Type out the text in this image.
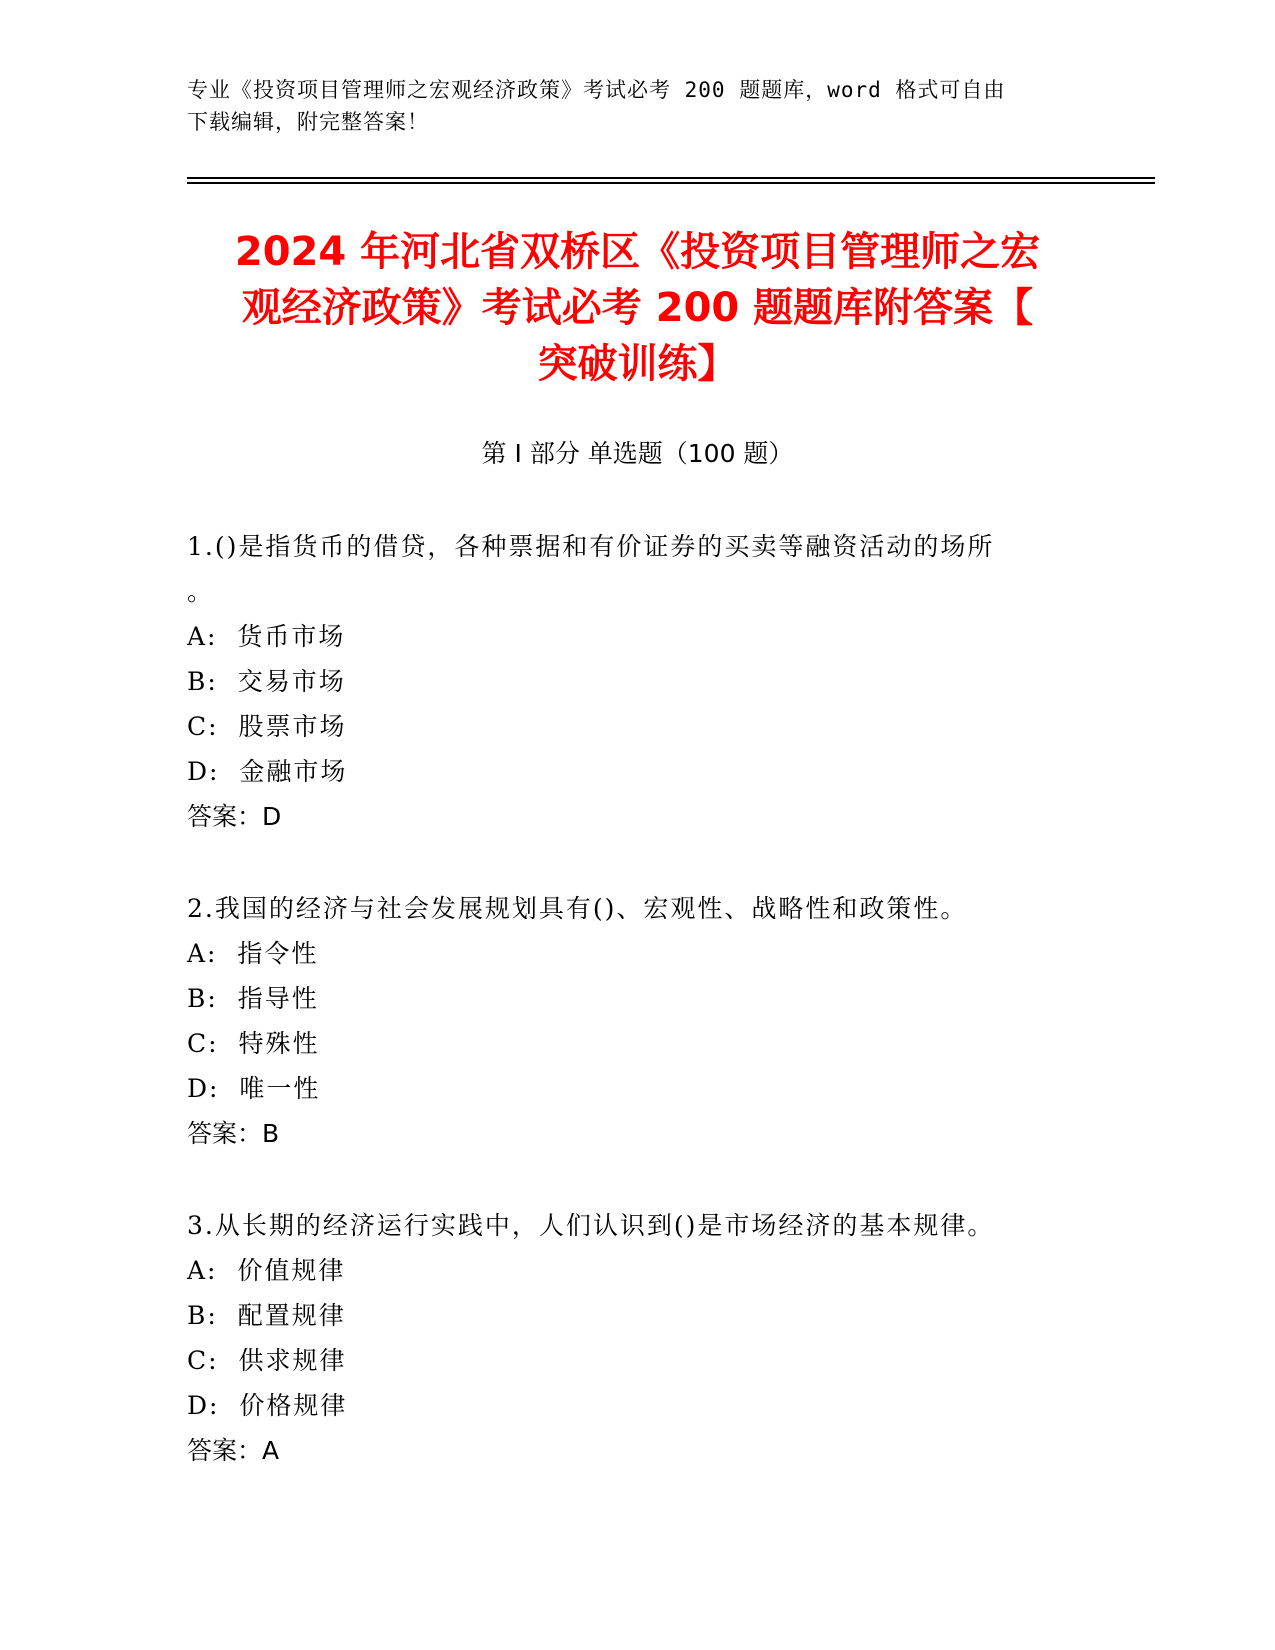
专业《投资项目管理师之宏观经济政策》考试必考 200 题题库，word 格式可自由
下载编辑，附完整答案！
2024 年河北省双桥区《投资项目管理师之宏
观经济政策》考试必考 200 题题库附答案【
突破训练】
第 I 部分 单选题（100 题）

1.()是指货币的借贷，各种票据和有价证券的买卖等融资活动的场所

。

A:  货币市场

B:  交易市场

C:  股票市场

D:  金融市场

答案：D

2.我国的经济与社会发展规划具有()、宏观性、战略性和政策性。

A:  指令性

B:  指导性

C:  特殊性

D:  唯一性

答案：B

3.从长期的经济运行实践中，人们认识到()是市场经济的基本规律。

A:  价值规律

B:  配置规律

C:  供求规律

D:  价格规律

答案：A
